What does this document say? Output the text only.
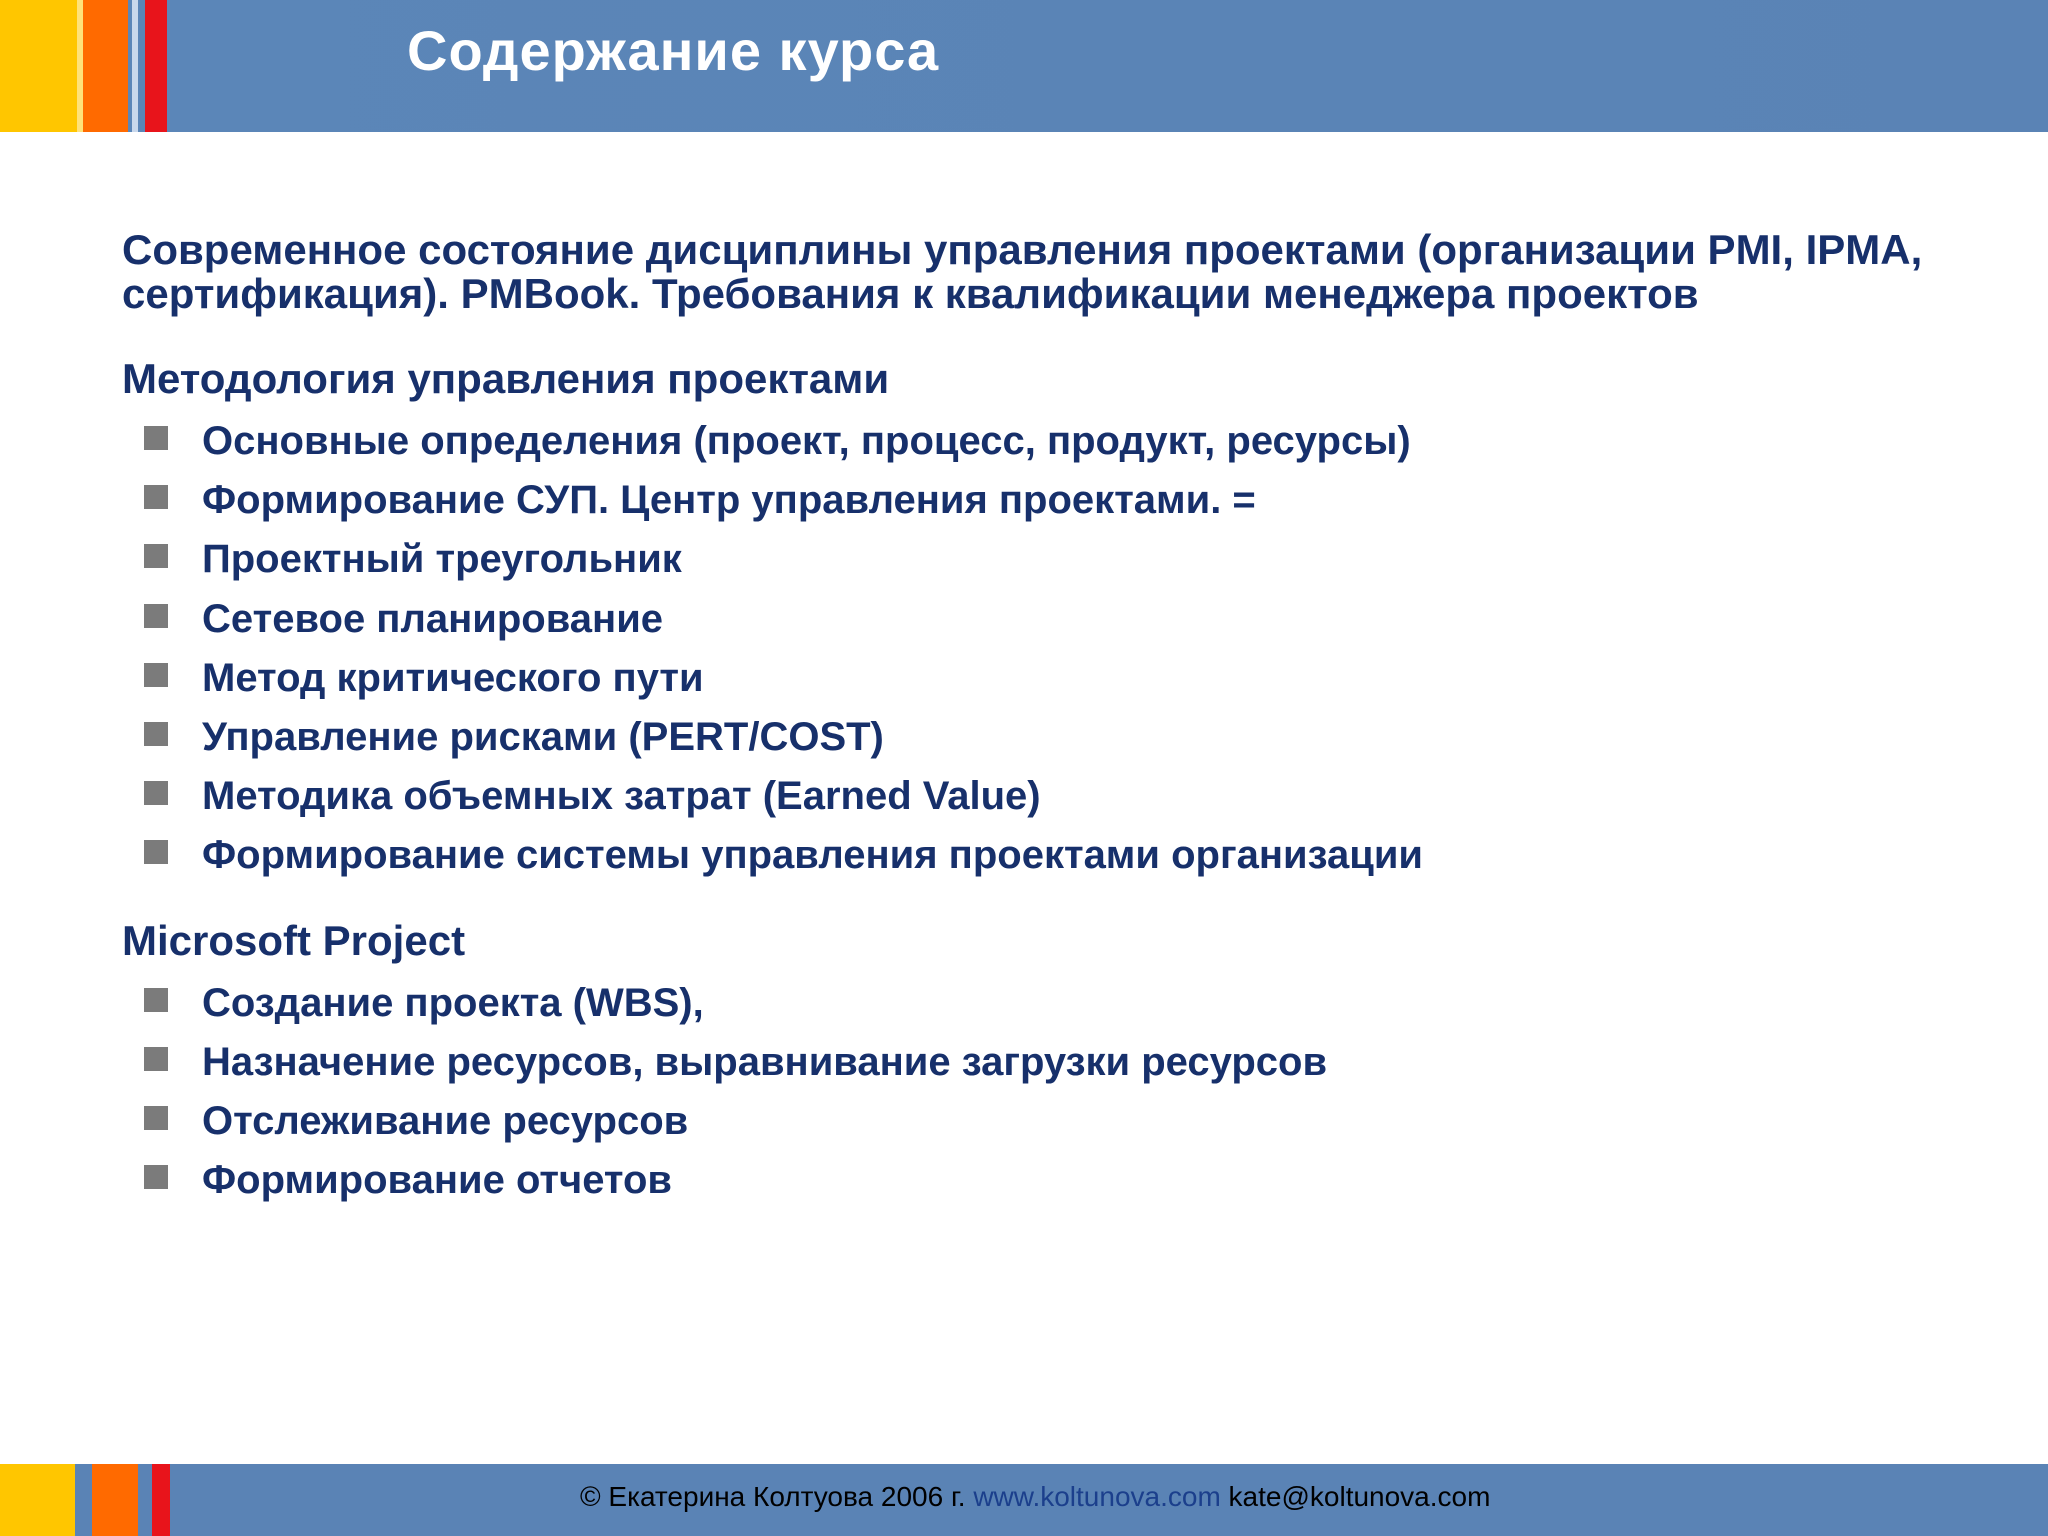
Содержание курса

Современное состояние дисциплины управления проектами (организации PMI, IPMA, сертификация). PMBook. Требования к квалификации менеджера проектов

Методология управления проектами
Основные определения (проект, процесс, продукт, ресурсы)
Формирование СУП. Центр управления проектами. =
Проектный треугольник
Сетевое планирование
Метод критического пути
Управление рисками (PERT/COST)
Методика объемных затрат (Earned Value)
Формирование системы управления проектами организации
Microsoft Project
Создание проекта (WBS),
Назначение ресурсов, выравнивание загрузки ресурсов
Отслеживание ресурсов
Формирование отчетов
© Екатерина Колтуова 2006 г. www.koltunova.com kate@koltunova.com
